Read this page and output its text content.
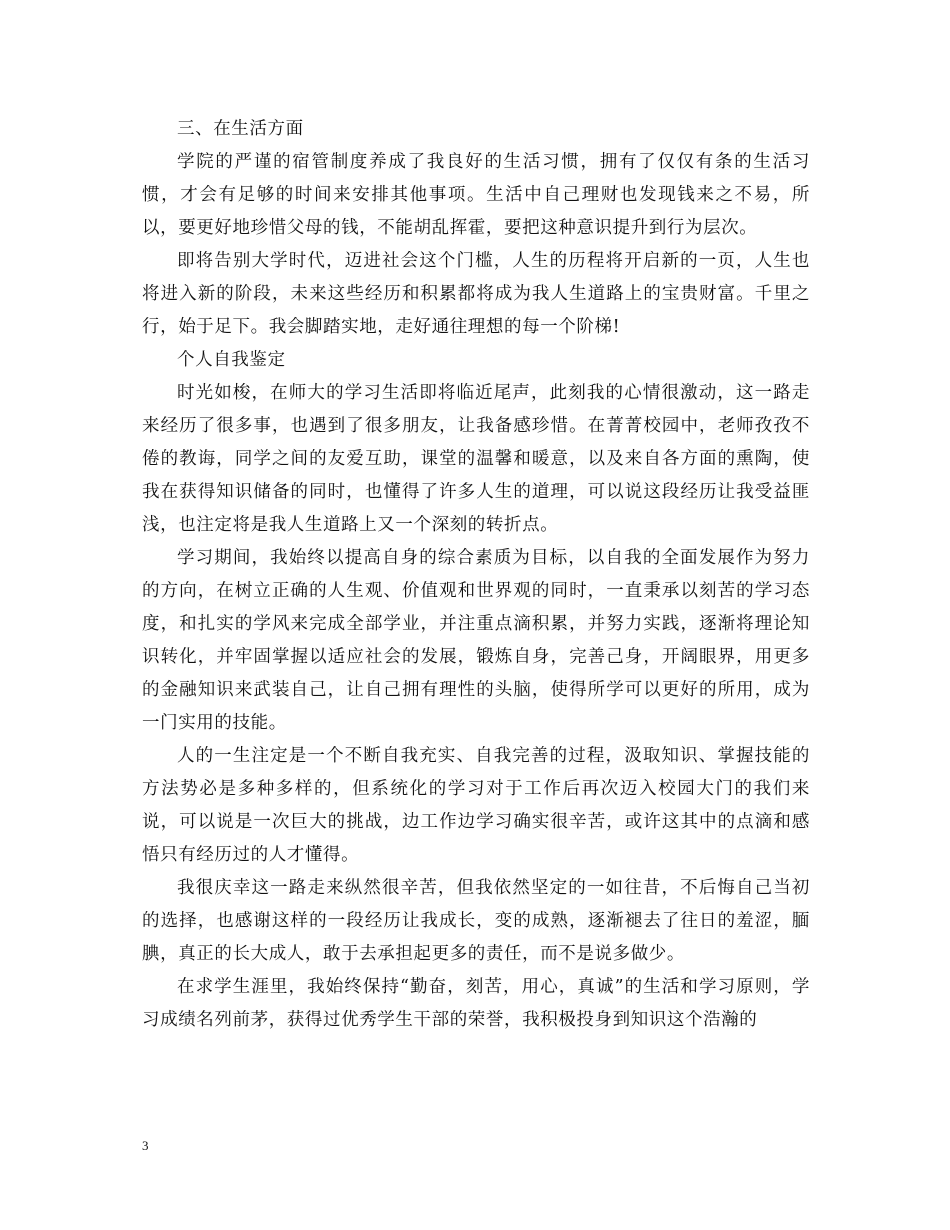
三、在生活方面

学院的严谨的宿管制度养成了我良好的生活习惯，拥有了仅仅有条的生活习惯，才会有足够的时间来安排其他事项。生活中自己理财也发现钱来之不易，所以，要更好地珍惜父母的钱，不能胡乱挥霍，要把这种意识提升到行为层次。

即将告别大学时代，迈进社会这个门槛，人生的历程将开启新的一页，人生也将进入新的阶段，未来这些经历和积累都将成为我人生道路上的宝贵财富。千里之行，始于足下。我会脚踏实地，走好通往理想的每一个阶梯!

个人自我鉴定

时光如梭，在师大的学习生活即将临近尾声，此刻我的心情很激动，这一路走来经历了很多事，也遇到了很多朋友，让我备感珍惜。在菁菁校园中，老师孜孜不倦的教诲，同学之间的友爱互助，课堂的温馨和暖意，以及来自各方面的熏陶，使我在获得知识储备的同时，也懂得了许多人生的道理，可以说这段经历让我受益匪浅，也注定将是我人生道路上又一个深刻的转折点。

学习期间，我始终以提高自身的综合素质为目标，以自我的全面发展作为努力的方向，在树立正确的人生观、价值观和世界观的同时，一直秉承以刻苦的学习态度，和扎实的学风来完成全部学业，并注重点滴积累，并努力实践，逐渐将理论知识转化，并牢固掌握以适应社会的发展，锻炼自身，完善己身，开阔眼界，用更多的金融知识来武装自己，让自己拥有理性的头脑，使得所学可以更好的所用，成为一门实用的技能。

人的一生注定是一个不断自我充实、自我完善的过程，汲取知识、掌握技能的方法势必是多种多样的，但系统化的学习对于工作后再次迈入校园大门的我们来说，可以说是一次巨大的挑战，边工作边学习确实很辛苦，或许这其中的点滴和感悟只有经历过的人才懂得。

我很庆幸这一路走来纵然很辛苦，但我依然坚定的一如往昔，不后悔自己当初的选择，也感谢这样的一段经历让我成长，变的成熟，逐渐褪去了往日的羞涩，腼腆，真正的长大成人，敢于去承担起更多的责任，而不是说多做少。

在求学生涯里，我始终保持“勤奋，刻苦，用心，真诚”的生活和学习原则，学习成绩名列前茅，获得过优秀学生干部的荣誉，我积极投身到知识这个浩瀚的

3
